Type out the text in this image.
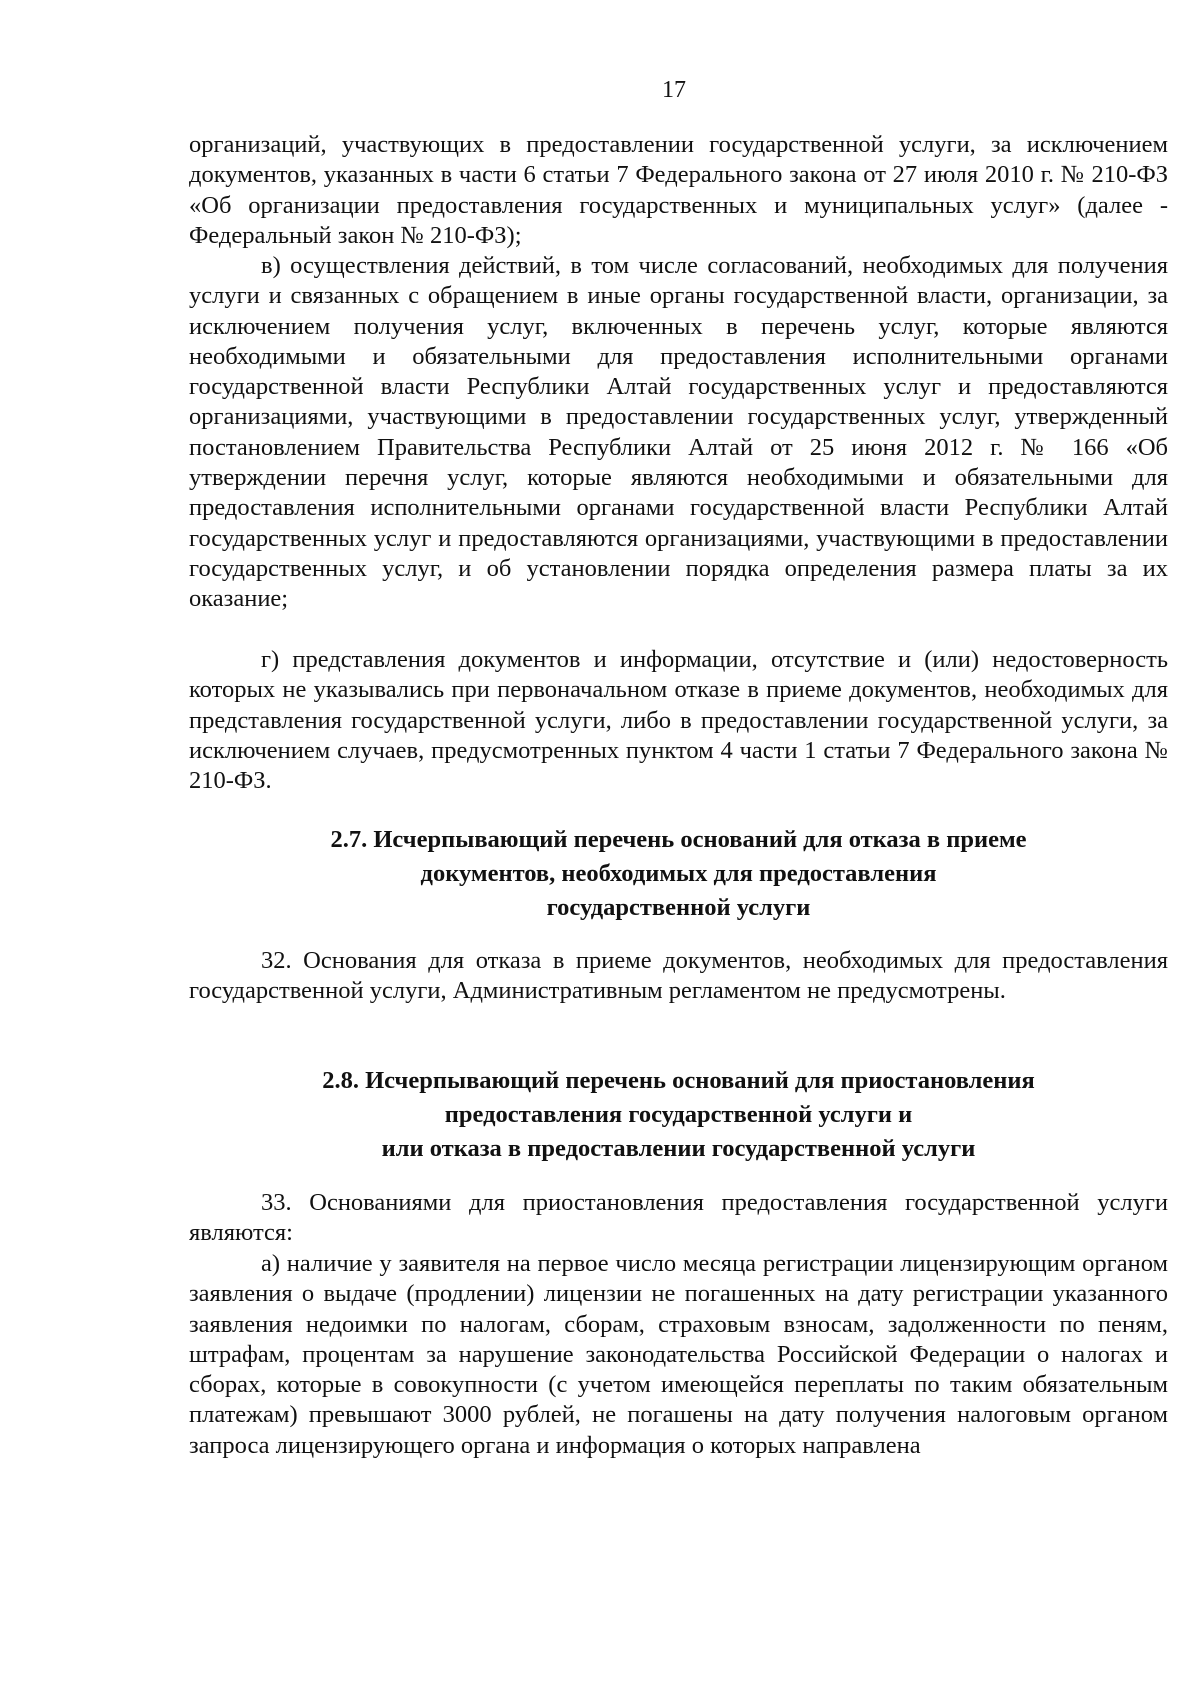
17

организаций, участвующих в предоставлении государственной услуги, за исключением документов, указанных в части 6 статьи 7 Федерального закона от 27 июля 2010 г. № 210-ФЗ «Об организации предоставления государственных и муниципальных услуг» (далее - Федеральный закон № 210-ФЗ);

в) осуществления действий, в том числе согласований, необходимых для получения услуги и связанных с обращением в иные органы государственной власти, организации, за исключением получения услуг, включенных в перечень услуг, которые являются необходимыми и обязательными для предоставления исполнительными органами государственной власти Республики Алтай государственных услуг и предоставляются организациями, участвующими в предоставлении государственных услуг, утвержденный постановлением Правительства Республики Алтай от 25 июня 2012 г. № 166 «Об утверждении перечня услуг, которые являются необходимыми и обязательными для предоставления исполнительными органами государственной власти Республики Алтай государственных услуг и предоставляются организациями, участвующими в предоставлении государственных услуг, и об установлении порядка определения размера платы за их оказание;

г) представления документов и информации, отсутствие и (или) недостоверность которых не указывались при первоначальном отказе в приеме документов, необходимых для представления государственной услуги, либо в предоставлении государственной услуги, за исключением случаев, предусмотренных пунктом 4 части 1 статьи 7 Федерального закона № 210-ФЗ.

2.7. Исчерпывающий перечень оснований для отказа в приеме
документов, необходимых для предоставления
государственной услуги

32. Основания для отказа в приеме документов, необходимых для предоставления государственной услуги, Административным регламентом не предусмотрены.

2.8. Исчерпывающий перечень оснований для приостановления
предоставления государственной услуги и
или отказа в предоставлении государственной услуги

33. Основаниями для приостановления предоставления государственной услуги являются:

а) наличие у заявителя на первое число месяца регистрации лицензирующим органом заявления о выдаче (продлении) лицензии не погашенных на дату регистрации указанного заявления недоимки по налогам, сборам, страховым взносам, задолженности по пеням, штрафам, процентам за нарушение законодательства Российской Федерации о налогах и сборах, которые в совокупности (с учетом имеющейся переплаты по таким обязательным платежам) превышают 3000 рублей, не погашены на дату получения налоговым органом запроса лицензирующего органа и информация о которых направлена
